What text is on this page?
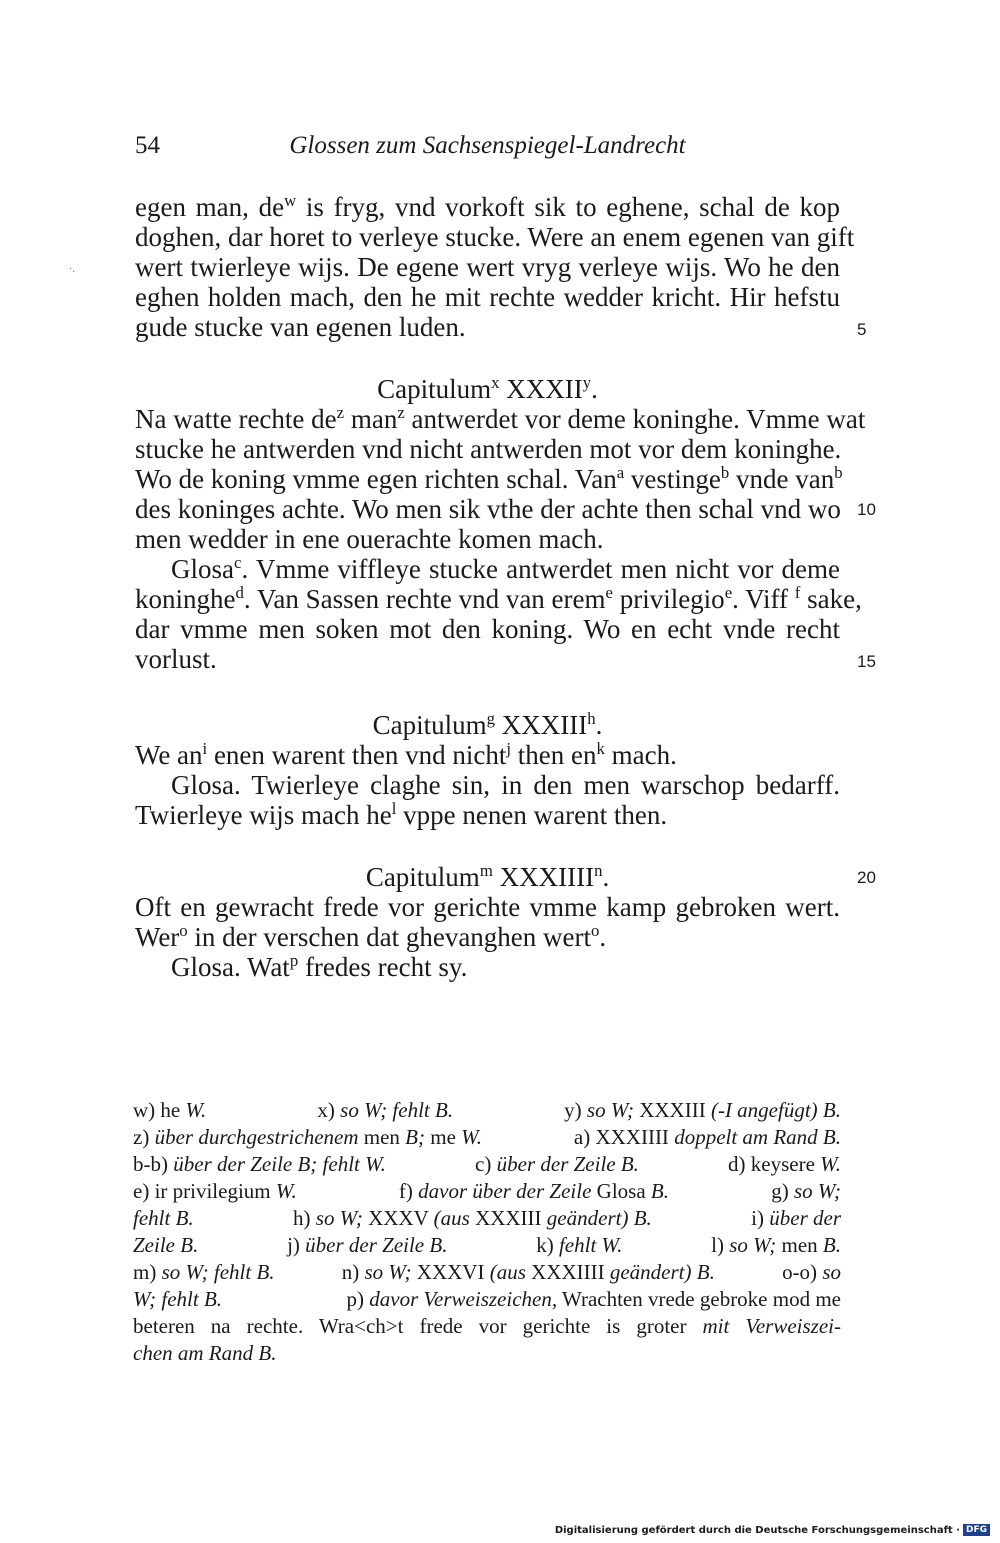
54	Glossen zum Sachsenspiegel-Landrecht
·.
egen man, $de^w$ is fryg, vnd vorkoft sik to eghene, schal de kop
doghen, dar horet to verleye stucke. Were an enem egenen van gift
wert twierleye wijs. De egene wert vryg verleye wijs. Wo he den
eghen holden mach, den he mit rechte wedder kricht. Hir hefstu
gude stucke van egenen luden.	5
Capitulum$^x$ XXXII$^y$.
Na watte rechte $de^z$ man$^z$ antwerdet vor deme koninghe. Vmme wat
stucke he antwerden vnd nicht antwerden mot vor dem koninghe.
Wo de koning vmme egen richten schal. Van$^a$ vestinge$^b$ vnde van$^b$
des koninges achte. Wo men sik vthe der achte then schal vnd wo
men wedder in ene ouerachte komen mach.
Glosa$^c$. Vmme viffleye stucke antwerdet men nicht vor deme
koninghe$^d$. Van Sassen rechte vnd van erem$^e$ privilegio$^e$. Viff $^f$ sake,
dar vmme men soken mot den koning. Wo en echt vnde recht
vorlust.
10
15
Capitulum$^g$ XXXIII$^h$.
We $an^i$ enen warent then vnd nicht$^j$ then $en^k$ mach.
Glosa. Twierleye claghe sin, in den men warschop bedarff.
Twierleye wijs mach $he^l$ vppe nenen warent then.
Capitulum$^m$ XXXIIII$^n$.
Oft en gewracht frede vor gerichte vmme kamp gebroken wert.
Wer$^o$ in der verschen dat ghevanghen wert$^o$.
Glosa. Wat$^p$ fredes recht sy.
20
w) he W.	x) so W; fehlt B.	y) so W; XXXIII (-I angefügt) B.
z) über durchgestrichenem men B; me W.	a) XXXIIII doppelt am Rand B.
b-b) über der Zeile B; fehlt W.	c) über der Zeile B.	d) keysere W.
e) ir privilegium W.	f) davor über der Zeile Glosa B.	g) so W;
fehlt B.	h) so W; XXXV (aus XXXIII geändert) B.	i) über der
Zeile B.	j) über der Zeile B.	k) fehlt W.	l) so W; men B.
m) so W; fehlt B.	n) so W; XXXVI (aus XXXIIII geändert) B.	o-o) so
W; fehlt B.	p) davor Verweiszeichen, Wrachten vrede gebroke mod me
beteren na rechte. Wra<ch>t frede vor gerichte is groter mit Verweiszei-
chen am Rand B.
Digitalisierung gefördert durch die Deutsche Forschungsgemeinschaft · DFG
